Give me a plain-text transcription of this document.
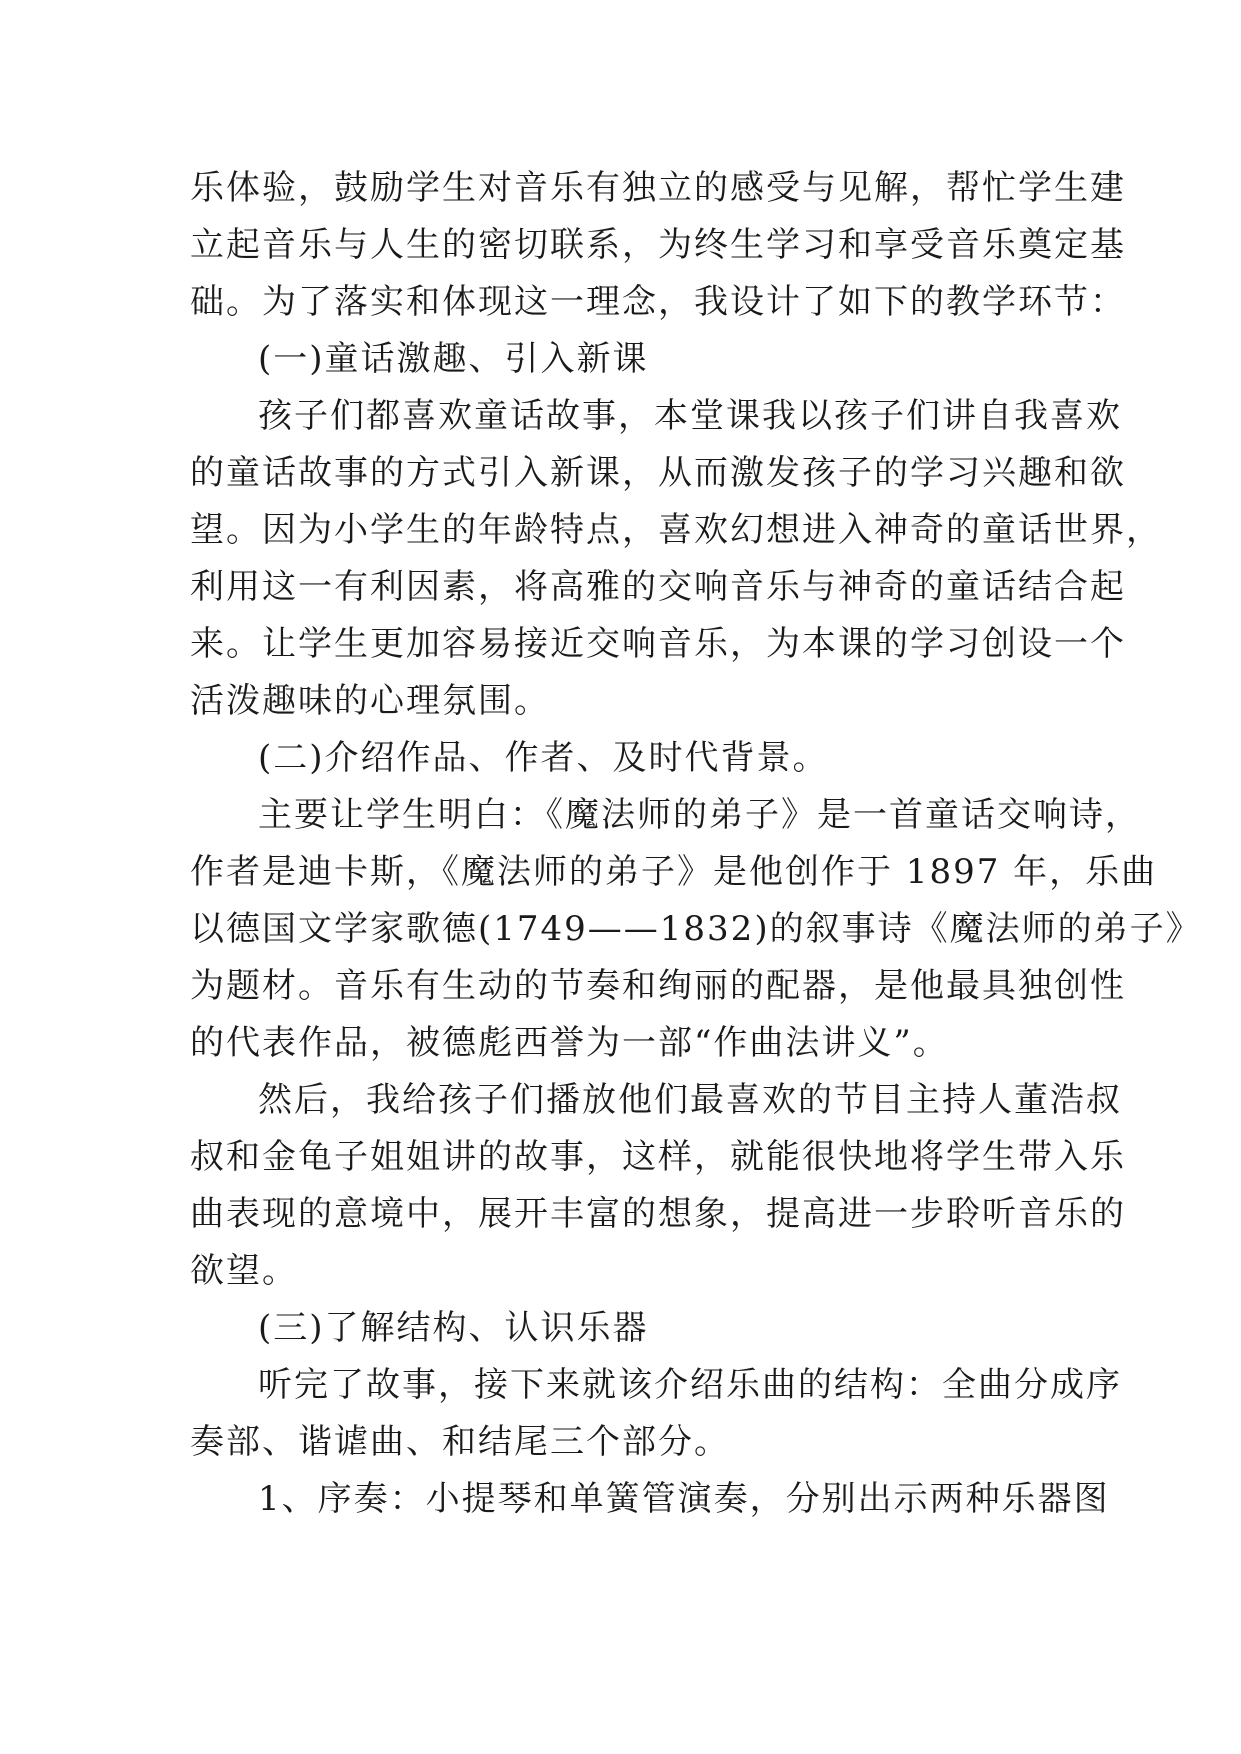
乐体验，鼓励学生对音乐有独立的感受与见解，帮忙学生建
立起音乐与人生的密切联系，为终生学习和享受音乐奠定基
础。为了落实和体现这一理念，我设计了如下的教学环节：
(一)童话激趣、引入新课
孩子们都喜欢童话故事，本堂课我以孩子们讲自我喜欢
的童话故事的方式引入新课，从而激发孩子的学习兴趣和欲
望。因为小学生的年龄特点，喜欢幻想进入神奇的童话世界，
利用这一有利因素，将高雅的交响音乐与神奇的童话结合起
来。让学生更加容易接近交响音乐，为本课的学习创设一个
活泼趣味的心理氛围。
(二)介绍作品、作者、及时代背景。
主要让学生明白：《魔法师的弟子》是一首童话交响诗，
作者是迪卡斯，《魔法师的弟子》是他创作于 1897 年，乐曲
以德国文学家歌德(1749——1832)的叙事诗《魔法师的弟子》
为题材。音乐有生动的节奏和绚丽的配器，是他最具独创性
的代表作品，被德彪西誉为一部“作曲法讲义”。
然后，我给孩子们播放他们最喜欢的节目主持人董浩叔
叔和金龟子姐姐讲的故事，这样，就能很快地将学生带入乐
曲表现的意境中，展开丰富的想象，提高进一步聆听音乐的
欲望。
(三)了解结构、认识乐器
听完了故事，接下来就该介绍乐曲的结构：全曲分成序
奏部、谐谑曲、和结尾三个部分。
1、序奏：小提琴和单簧管演奏，分别出示两种乐器图
